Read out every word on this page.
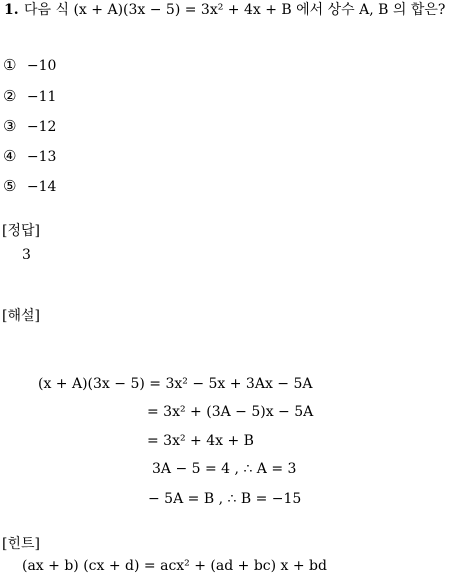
1. 다음 식 (x + A)(3x − 5) = 3x² + 4x + B 에서 상수 A, B 의 합은?
① −10
② −11
③ −12
④ −13
⑤ −14
[정답]
3
[해설]
(x + A)(3x − 5) = 3x² − 5x + 3Ax − 5A
= 3x² + (3A − 5)x − 5A
= 3x² + 4x + B
3A − 5 = 4 , ∴ A = 3
− 5A = B , ∴ B = −15
[힌트]
(ax + b) (cx + d) = acx² + (ad + bc) x + bd
